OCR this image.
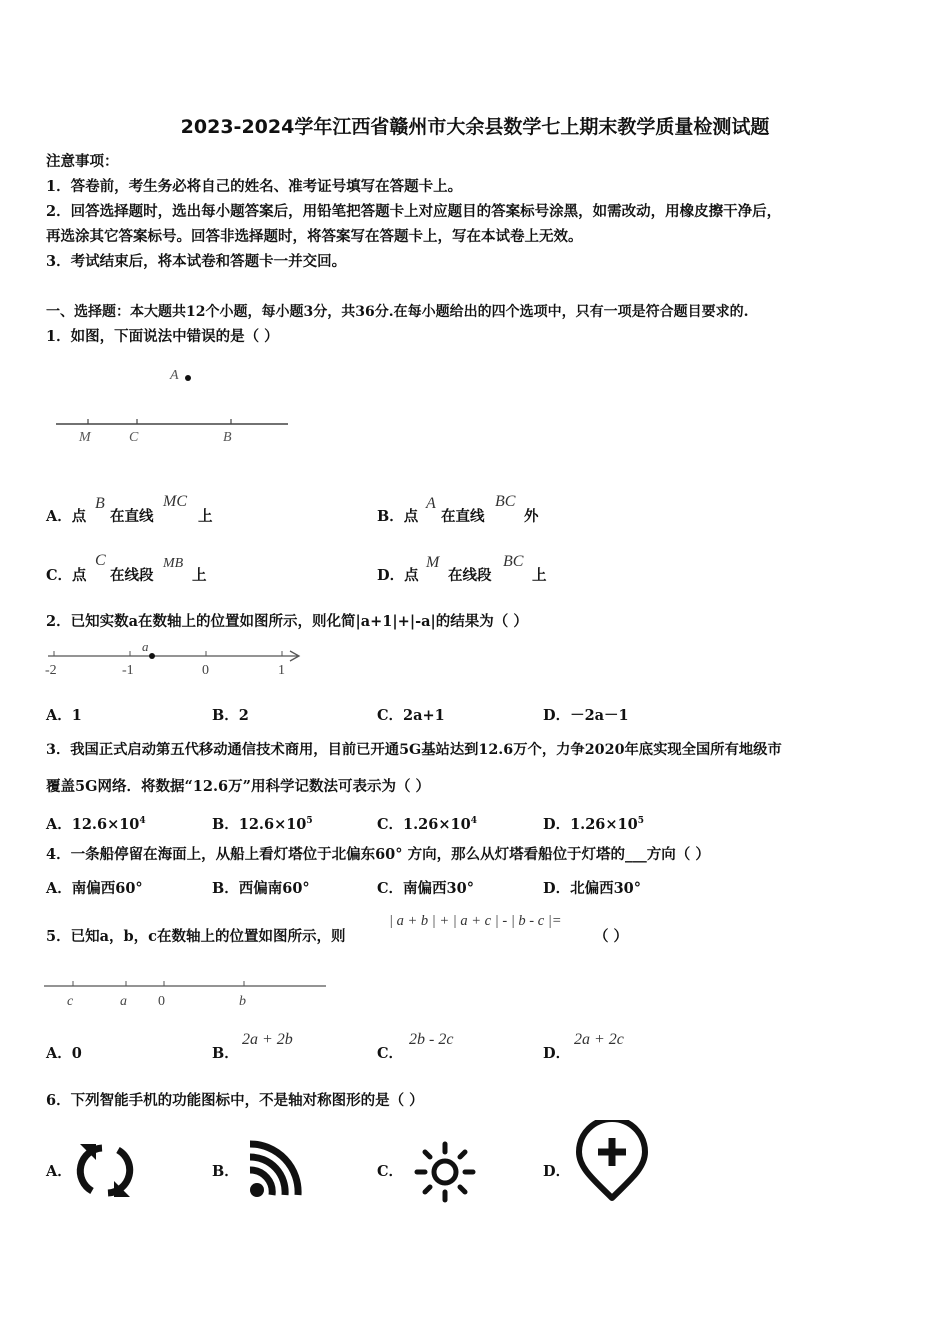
2023-2024学年江西省赣州市大余县数学七上期末教学质量检测试题
注意事项：
1．答卷前，考生务必将自己的姓名、准考证号填写在答题卡上。
2．回答选择题时，选出每小题答案后，用铅笔把答题卡上对应题目的答案标号涂黑，如需改动，用橡皮擦干净后，
再选涂其它答案标号。回答非选择题时，将答案写在答题卡上，写在本试卷上无效。
3．考试结束后，将本试卷和答题卡一并交回。
一、选择题：本大题共12个小题，每小题3分，共36分.在每小题给出的四个选项中，只有一项是符合题目要求的.
1．如图，下面说法中错误的是（ ）
A
M	C	B
A．点
B
在直线
MC
上	B．点
A
在直线
BC
外
C．点
C
在线段
MB
上	D．点
M
在线段
BC
上
2．已知实数a在数轴上的位置如图所示，则化简|a+1|+|-a|的结果为（ ）
-2	-1	0	1
a
A．1	B．2	C．2a+1	D．－2a－1
3．我国正式启动第五代移动通信技术商用，目前已开通5G基站达到12.6万个，力争2020年底实现全国所有地级市
覆盖5G网络．将数据“12.6万”用科学记数法可表示为（ ）
A．$12.6\times 10^4$	B．$12.6\times 10^5$	C．$1.26\times 10^4$	D．$1.26\times 10^5$
4．一条船停留在海面上，从船上看灯塔位于北偏东60° 方向，那么从灯塔看船位于灯塔的___方向（ ）
A．南偏西60°	B．西偏南60°	C．南偏西30°	D．北偏西30°
5．已知a，b，c在数轴上的位置如图所示，则
| a + b | + | a + c | - | b - c |=
（ ）
c	a 0	b
A．0	B．
2a + 2b
C．
2b - 2c
D．
2a + 2c
6．下列智能手机的功能图标中，不是轴对称图形的是（ ）
A．	B．	C．	D．
